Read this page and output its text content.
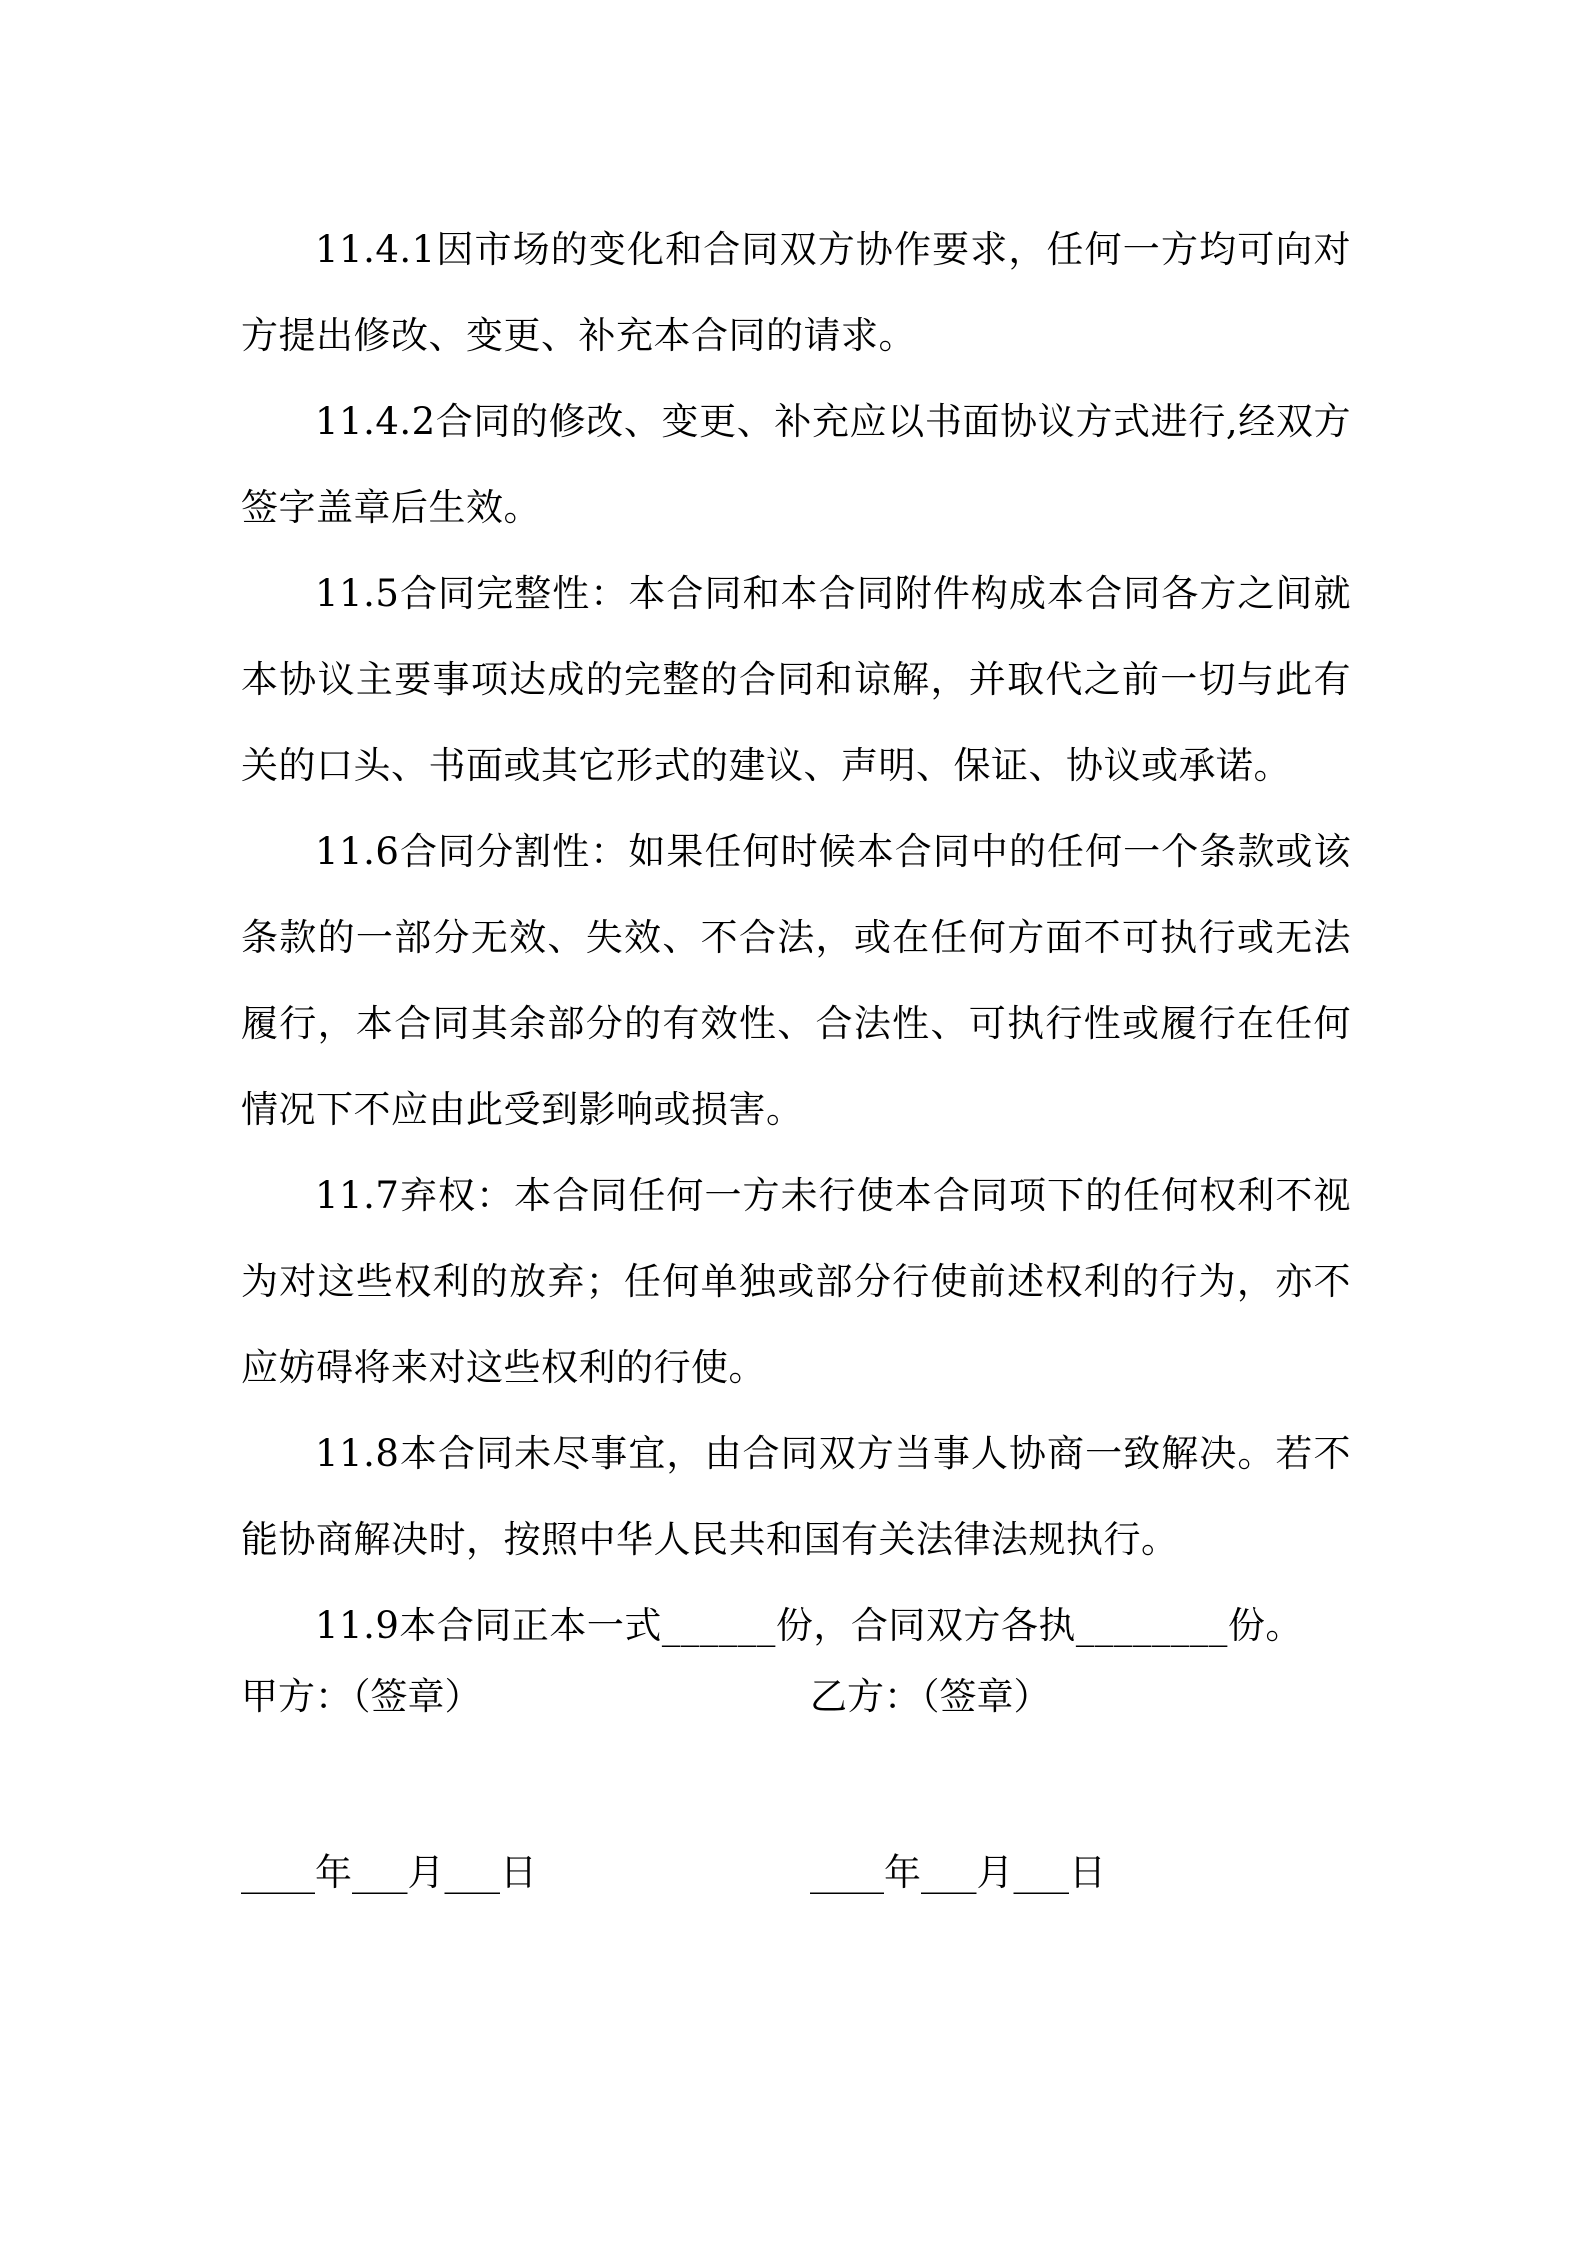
11.4.1因市场的变化和合同双方协作要求，任何一方均可向对方提出修改、变更、补充本合同的请求。

11.4.2合同的修改、变更、补充应以书面协议方式进行,经双方签字盖章后生效。

11.5合同完整性：本合同和本合同附件构成本合同各方之间就本协议主要事项达成的完整的合同和谅解，并取代之前一切与此有关的口头、书面或其它形式的建议、声明、保证、协议或承诺。

11.6合同分割性：如果任何时候本合同中的任何一个条款或该条款的一部分无效、失效、不合法，或在任何方面不可执行或无法履行，本合同其余部分的有效性、合法性、可执行性或履行在任何情况下不应由此受到影响或损害。

11.7弃权：本合同任何一方未行使本合同项下的任何权利不视为对这些权利的放弃；任何单独或部分行使前述权利的行为，亦不应妨碍将来对这些权利的行使。

11.8本合同未尽事宜，由合同双方当事人协商一致解决。若不能协商解决时，按照中华人民共和国有关法律法规执行。

11.9本合同正本一式______份，合同双方各执________份。

甲方：（签章）

	乙方：（签章）

____年___月___日

	____年___月___日
